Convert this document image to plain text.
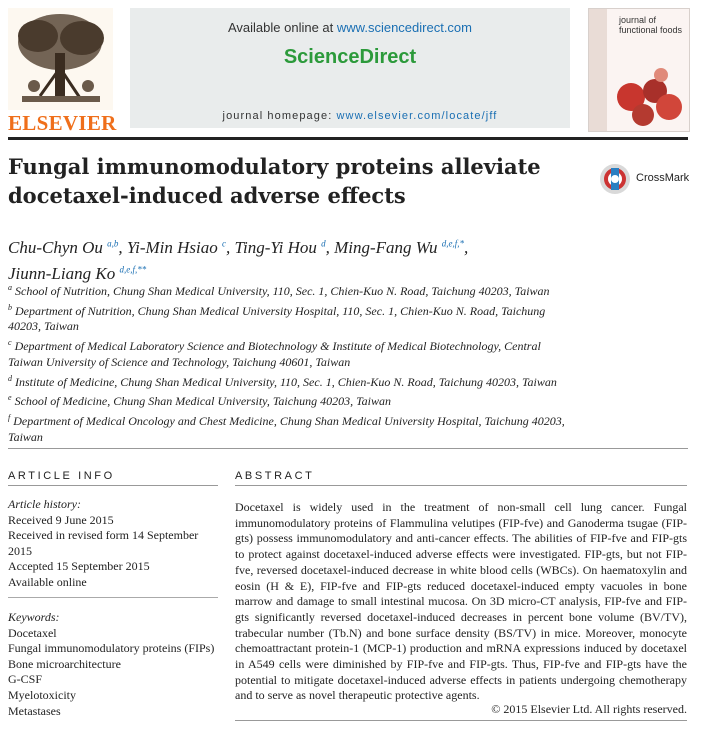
ELSEVIER
Available online at www.sciencedirect.com
ScienceDirect
journal homepage: www.elsevier.com/locate/jff
journal of functional foods
Fungal immunomodulatory proteins alleviate docetaxel-induced adverse effects
CrossMark
Chu-Chyn Ou $^{a,b}$, Yi-Min Hsiao $^c$, Ting-Yi Hou $^d$, Ming-Fang Wu $^{d,e,f,*}$,
Jiunn-Liang Ko $^{d,e,f,**}$
$^a$ School of Nutrition, Chung Shan Medical University, 110, Sec. 1, Chien-Kuo N. Road, Taichung 40203, Taiwan
$^b$ Department of Nutrition, Chung Shan Medical University Hospital, 110, Sec. 1, Chien-Kuo N. Road, Taichung 40203, Taiwan
$^c$ Department of Medical Laboratory Science and Biotechnology & Institute of Medical Biotechnology, Central Taiwan University of Science and Technology, Taichung 40601, Taiwan
$^d$ Institute of Medicine, Chung Shan Medical University, 110, Sec. 1, Chien-Kuo N. Road, Taichung 40203, Taiwan
$^e$ School of Medicine, Chung Shan Medical University, Taichung 40203, Taiwan
$^f$ Department of Medical Oncology and Chest Medicine, Chung Shan Medical University Hospital, Taichung 40203, Taiwan
ARTICLE INFO
Article history:
Received 9 June 2015
Received in revised form 14 September 2015
Accepted 15 September 2015
Available online
Keywords:
Docetaxel
Fungal immunomodulatory proteins (FIPs)
Bone microarchitecture
G-CSF
Myelotoxicity
Metastases
ABSTRACT
Docetaxel is widely used in the treatment of non-small cell lung cancer. Fungal immunomodulatory proteins of Flammulina velutipes (FIP-fve) and Ganoderma tsugae (FIP-gts) possess immunomodulatory and anti-cancer effects. The abilities of FIP-fve and FIP-gts to protect against docetaxel-induced adverse effects were investigated. FIP-gts, but not FIP-fve, reversed docetaxel-induced decrease in white blood cells (WBCs). On haematoxylin and eosin (H & E), FIP-fve and FIP-gts reduced docetaxel-induced empty vacuoles in bone marrow and damage to small intestinal mucosa. On 3D micro-CT analysis, FIP-fve and FIP-gts significantly reversed docetaxel-induced decreases in percent bone volume (BV/TV), trabecular number (Tb.N) and bone surface density (BS/TV) in mice. Moreover, monocyte chemoattractant protein-1 (MCP-1) production and mRNA expressions induced by docetaxel in A549 cells were diminished by FIP-fve and FIP-gts. Thus, FIP-fve and FIP-gts have the potential to mitigate docetaxel-induced adverse effects in patients undergoing chemotherapy and to serve as novel therapeutic protective agents.
© 2015 Elsevier Ltd. All rights reserved.
